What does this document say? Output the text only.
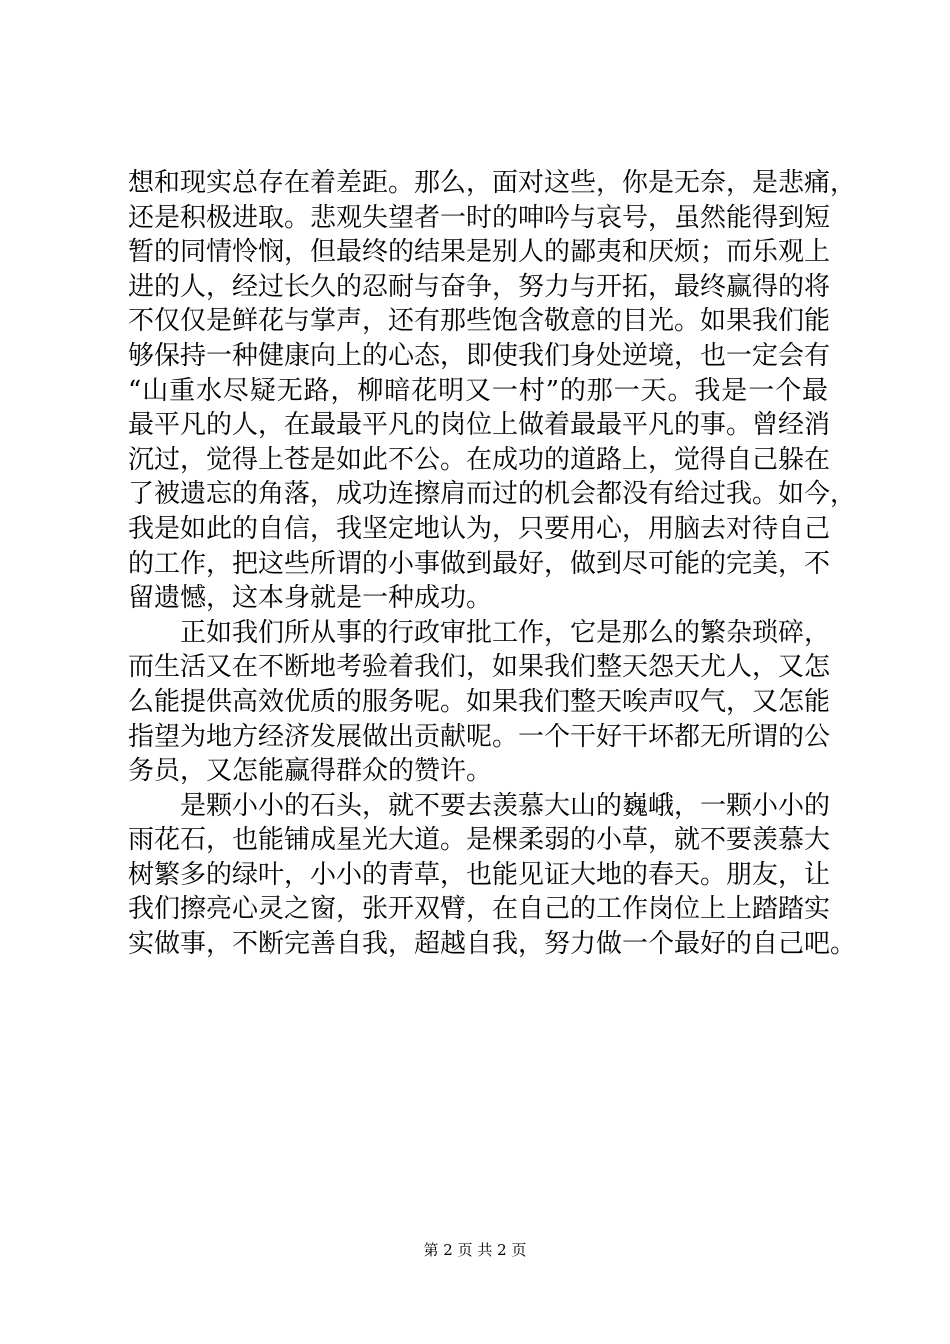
想和现实总存在着差距。那么，面对这些，你是无奈，是悲痛，
还是积极进取。悲观失望者一时的呻吟与哀号，虽然能得到短
暂的同情怜悯，但最终的结果是别人的鄙夷和厌烦；而乐观上
进的人，经过长久的忍耐与奋争，努力与开拓，最终赢得的将
不仅仅是鲜花与掌声，还有那些饱含敬意的目光。如果我们能
够保持一种健康向上的心态，即使我们身处逆境，也一定会有
“山重水尽疑无路，柳暗花明又一村”的那一天。我是一个最
最平凡的人，在最最平凡的岗位上做着最最平凡的事。曾经消
沉过，觉得上苍是如此不公。在成功的道路上，觉得自己躲在
了被遗忘的角落，成功连擦肩而过的机会都没有给过我。如今，
我是如此的自信，我坚定地认为，只要用心，用脑去对待自己
的工作，把这些所谓的小事做到最好，做到尽可能的完美，不
留遗憾，这本身就是一种成功。
　　正如我们所从事的行政审批工作，它是那么的繁杂琐碎，
而生活又在不断地考验着我们，如果我们整天怨天尤人，又怎
么能提供高效优质的服务呢。如果我们整天唉声叹气，又怎能
指望为地方经济发展做出贡献呢。一个干好干坏都无所谓的公
务员，又怎能赢得群众的赞许。
　　是颗小小的石头，就不要去羡慕大山的巍峨，一颗小小的
雨花石，也能铺成星光大道。是棵柔弱的小草，就不要羡慕大
树繁多的绿叶，小小的青草，也能见证大地的春天。朋友，让
我们擦亮心灵之窗，张开双臂，在自己的工作岗位上上踏踏实
实做事，不断完善自我，超越自我，努力做一个最好的自己吧。
第 2 页 共 2 页
